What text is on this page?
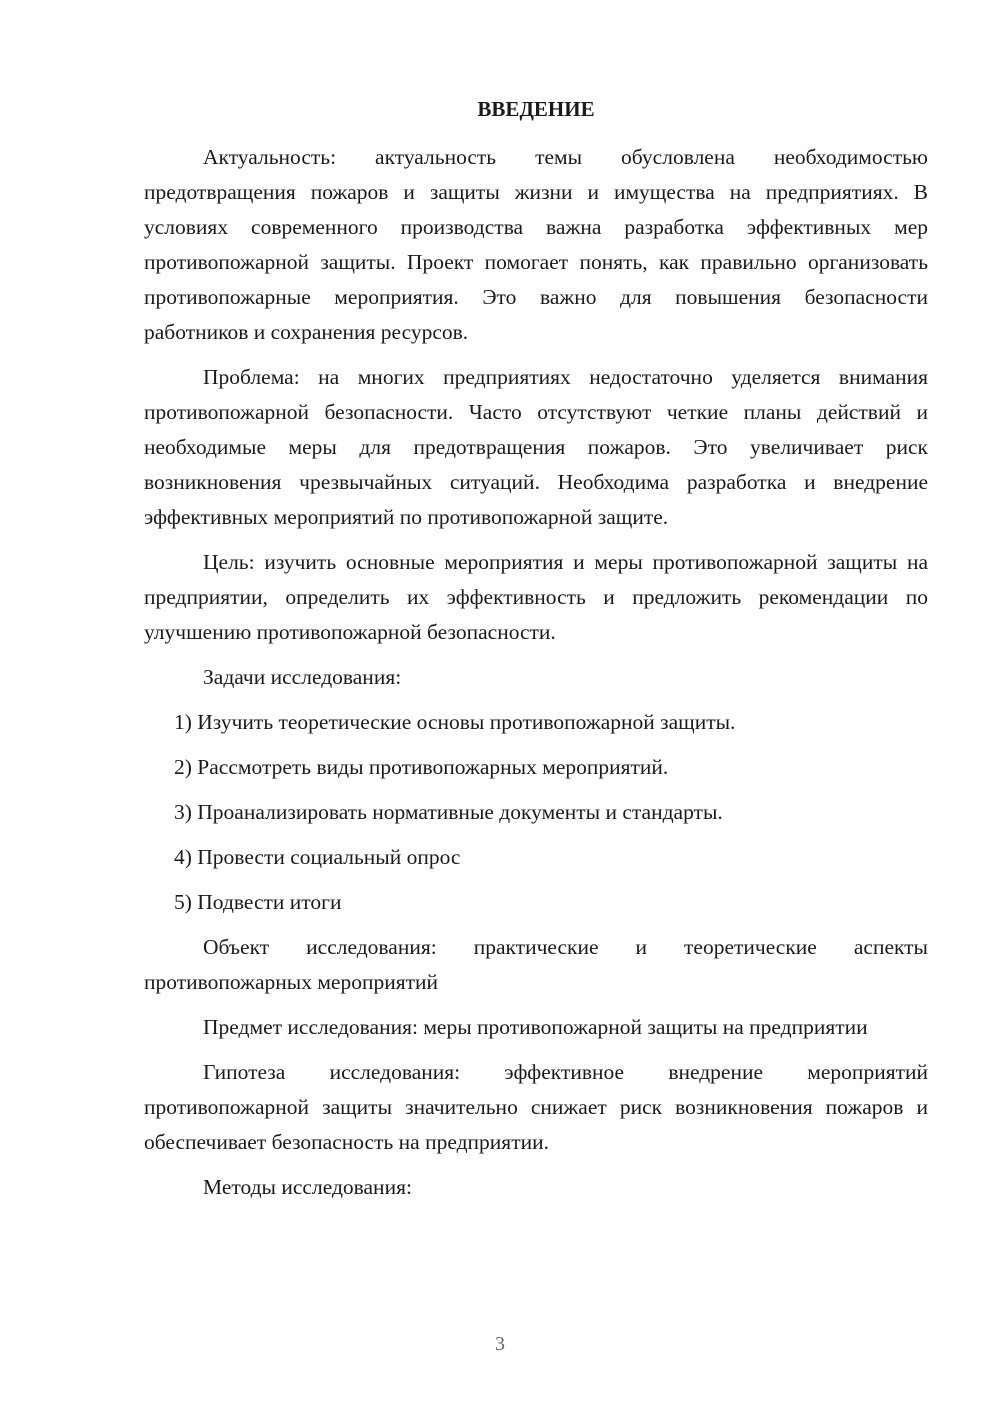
ВВЕДЕНИЕ

Актуальность: актуальность темы обусловлена необходимостью предотвращения пожаров и защиты жизни и имущества на предприятиях. В условиях современного производства важна разработка эффективных мер противопожарной защиты. Проект помогает понять, как правильно организовать противопожарные мероприятия. Это важно для повышения безопасности работников и сохранения ресурсов.

Проблема: на многих предприятиях недостаточно уделяется внимания противопожарной безопасности. Часто отсутствуют четкие планы действий и необходимые меры для предотвращения пожаров. Это увеличивает риск возникновения чрезвычайных ситуаций. Необходима разработка и внедрение эффективных мероприятий по противопожарной защите.

Цель: изучить основные мероприятия и меры противопожарной защиты на предприятии, определить их эффективность и предложить рекомендации по улучшению противопожарной безопасности.

Задачи исследования:

1) Изучить теоретические основы противопожарной защиты.
2) Рассмотреть виды противопожарных мероприятий.
3) Проанализировать нормативные документы и стандарты.
4) Провести социальный опрос
5) Подвести итоги

Объект исследования: практические и теоретические аспекты противопожарных мероприятий

Предмет исследования: меры противопожарной защиты на предприятии

Гипотеза исследования: эффективное внедрение мероприятий противопожарной защиты значительно снижает риск возникновения пожаров и обеспечивает безопасность на предприятии.

Методы исследования:

3
